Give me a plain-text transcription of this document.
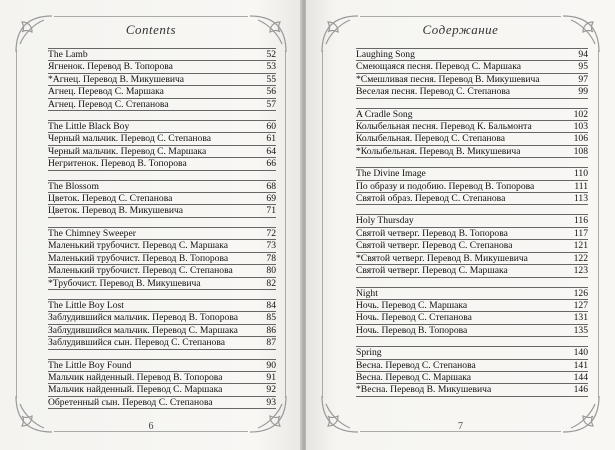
Contents
The Lamb	52
Ягненок. Перевод В. Топорова	53
*Агнец. Перевод В. Микушевича	55
Агнец. Перевод С. Маршака	56
Агнец. Перевод С. Степанова	57
The Little Black Boy	60
Черный мальчик. Перевод С. Степанова	61
Черный мальчик. Перевод С. Маршака	64
Негритенок. Перевод В. Топорова	66
The Blossom	68
Цветок. Перевод С. Степанова	69
Цветок. Перевод В. Микушевича	71
The Chimney Sweeper	72
Маленький трубочист. Перевод С. Маршака	73
Маленький трубочист. Перевод В. Топорова	78
Маленький трубочист. Перевод С. Степанова	80
*Трубочист. Перевод В. Микушевича	82
The Little Boy Lost	84
Заблудившийся мальчик. Перевод В. Топорова	85
Заблудившийся мальчик. Перевод С. Маршака	86
Заблудившийся сын. Перевод С. Степанова	87
The Little Boy Found	90
Мальчик найденный. Перевод В. Топорова	91
Мальчик найденный. Перевод С. Маршака	92
Обретенный сын. Перевод С. Степанова	93
6
Содержание
Laughing Song	94
Смеющаяся песня. Перевод С. Маршака	95
*Смешливая песня. Перевод В. Микушевича	97
Веселая песня. Перевод С. Степанова	99
A Cradle Song	102
Колыбельная песня. Перевод К. Бальмонта	103
Колыбельная. Перевод С. Степанова	106
*Колыбельная. Перевод В. Микушевича	108
The Divine Image	110
По образу и подобию. Перевод В. Топорова	111
Святой образ. Перевод С. Степанова	113
Holy Thursday	116
Святой четверг. Перевод В. Топорова	117
Святой четверг. Перевод С. Степанова	121
*Святой четверг. Перевод В. Микушевича	122
Святой четверг. Перевод С. Маршака	123
Night	126
Ночь. Перевод С. Маршака	127
Ночь. Перевод С. Степанова	131
Ночь. Перевод В. Топорова	135
Spring	140
Весна. Перевод С. Степанова	141
Весна. Перевод С. Маршака	144
*Весна. Перевод В. Микушевича	146
7
